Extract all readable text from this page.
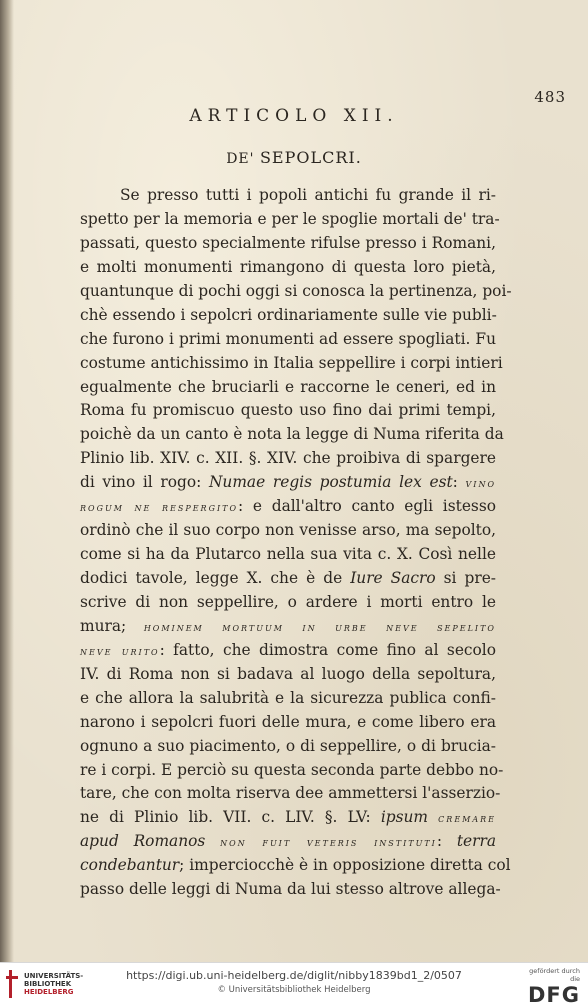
483
ARTICOLO XII.
DE' SEPOLCRI.
Se presso tutti i popoli antichi fu grande il ri-
spetto per la memoria e per le spoglie mortali de' tra-
passati, questo specialmente rifulse presso i Romani,
e molti monumenti rimangono di questa loro pietà,
quantunque di pochi oggi si conosca la pertinenza, poi-
chè essendo i sepolcri ordinariamente sulle vie publi-
che furono i primi monumenti ad essere spogliati. Fu
costume antichissimo in Italia seppellire i corpi intieri
egualmente che bruciarli e raccorne le ceneri, ed in
Roma fu promiscuo questo uso fino dai primi tempi,
poichè da un canto è nota la legge di Numa riferita da
Plinio lib. XIV. c. XII. §. XIV. che proibiva di spargere
di vino il rogo: Numae regis postumia lex est: vino
rogum ne respergito: e dall'altro canto egli istesso
ordinò che il suo corpo non venisse arso, ma sepolto,
come si ha da Plutarco nella sua vita c. X. Così nelle
dodici tavole, legge X. che è de Iure Sacro si pre-
scrive di non seppellire, o ardere i morti entro le
mura; hominem mortuum in urbe neve sepelito
neve urito: fatto, che dimostra come fino al secolo
IV. di Roma non si badava al luogo della sepoltura,
e che allora la salubrità e la sicurezza publica confi-
narono i sepolcri fuori delle mura, e come libero era
ognuno a suo piacimento, o di seppellire, o di brucia-
re i corpi. E perciò su questa seconda parte debbo no-
tare, che con molta riserva dee ammettersi l'asserzio-
ne di Plinio lib. VII. c. LIV. §. LV: ipsum cremare
apud Romanos non fuit veteris instituti: terra
condebantur; imperciocchè è in opposizione diretta col
passo delle leggi di Numa da lui stesso altrove allega-
UNIVERSITÄTS-
BIBLIOTHEK
HEIDELBERG
https://digi.ub.uni-heidelberg.de/diglit/nibby1839bd1_2/0507
© Universitätsbibliothek Heidelberg
gefördert durch die
DFG
